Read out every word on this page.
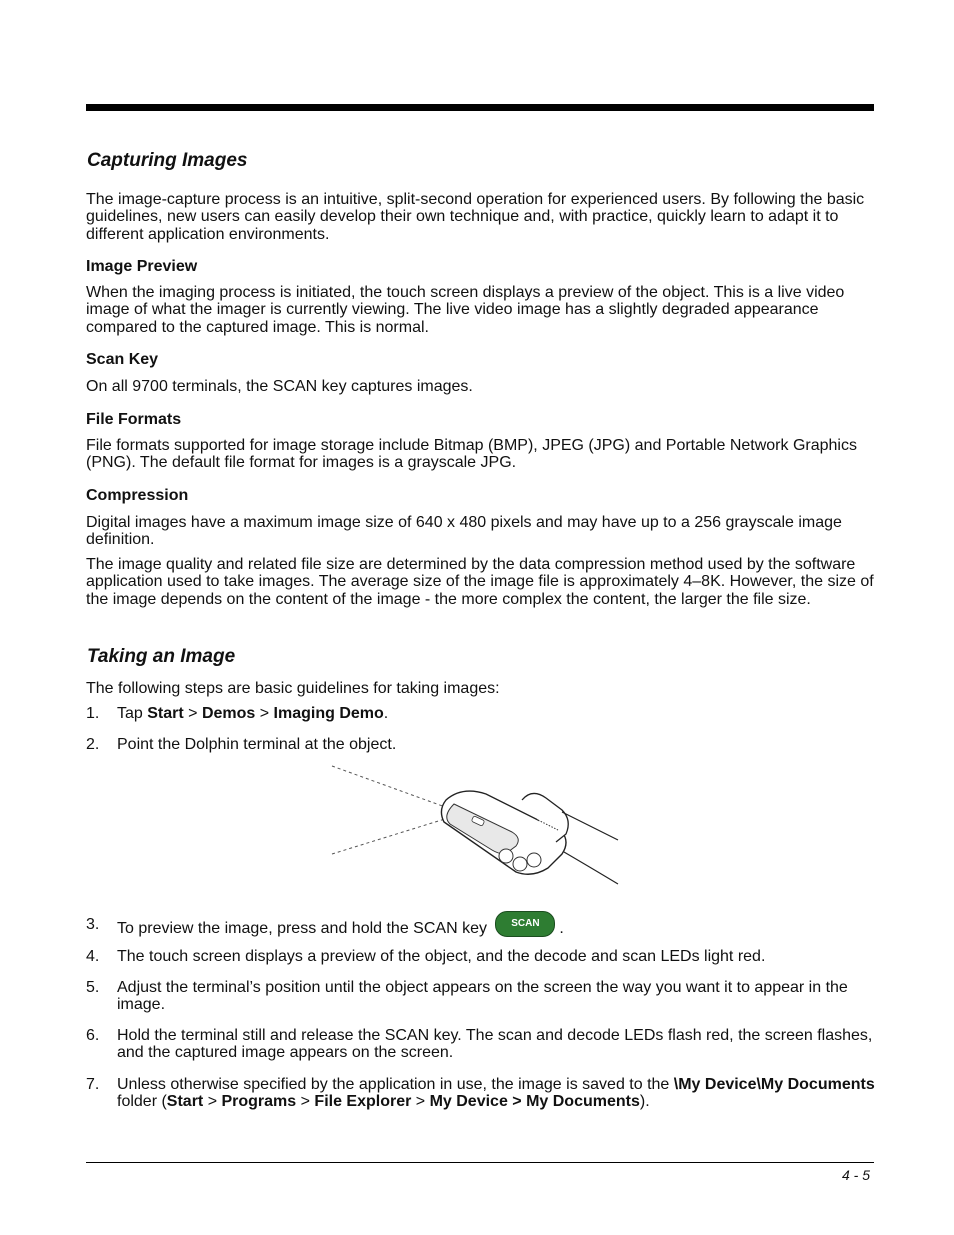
Capturing Images

The image-capture process is an intuitive, split-second operation for experienced users. By following the basic guidelines, new users can easily develop their own technique and, with practice, quickly learn to adapt it to different application environments.

Image Preview

When the imaging process is initiated, the touch screen displays a preview of the object. This is a live video image of what the imager is currently viewing. The live video image has a slightly degraded appearance compared to the captured image. This is normal.

Scan Key

On all 9700 terminals, the SCAN key captures images.

File Formats

File formats supported for image storage include Bitmap (BMP), JPEG (JPG) and Portable Network Graphics (PNG). The default file format for images is a grayscale JPG.

Compression

Digital images have a maximum image size of 640 x 480 pixels and may have up to a 256 grayscale image definition.

The image quality and related file size are determined by the data compression method used by the software application used to take images. The average size of the image file is approximately 4–8K. However, the size of the image depends on the content of the image - the more complex the content, the larger the file size.

Taking an Image

The following steps are basic guidelines for taking images:

1. Tap Start > Demos > Imaging Demo.
2. Point the Dolphin terminal at the object.
3. To preview the image, press and hold the SCAN key SCAN .
4. The touch screen displays a preview of the object, and the decode and scan LEDs light red.
5. Adjust the terminal’s position until the object appears on the screen the way you want it to appear in the image.
6. Hold the terminal still and release the SCAN key. The scan and decode LEDs flash red, the screen flashes, and the captured image appears on the screen.
7. Unless otherwise specified by the application in use, the image is saved to the \My Device\My Documents folder (Start > Programs > File Explorer > My Device > My Documents).
4 - 5
